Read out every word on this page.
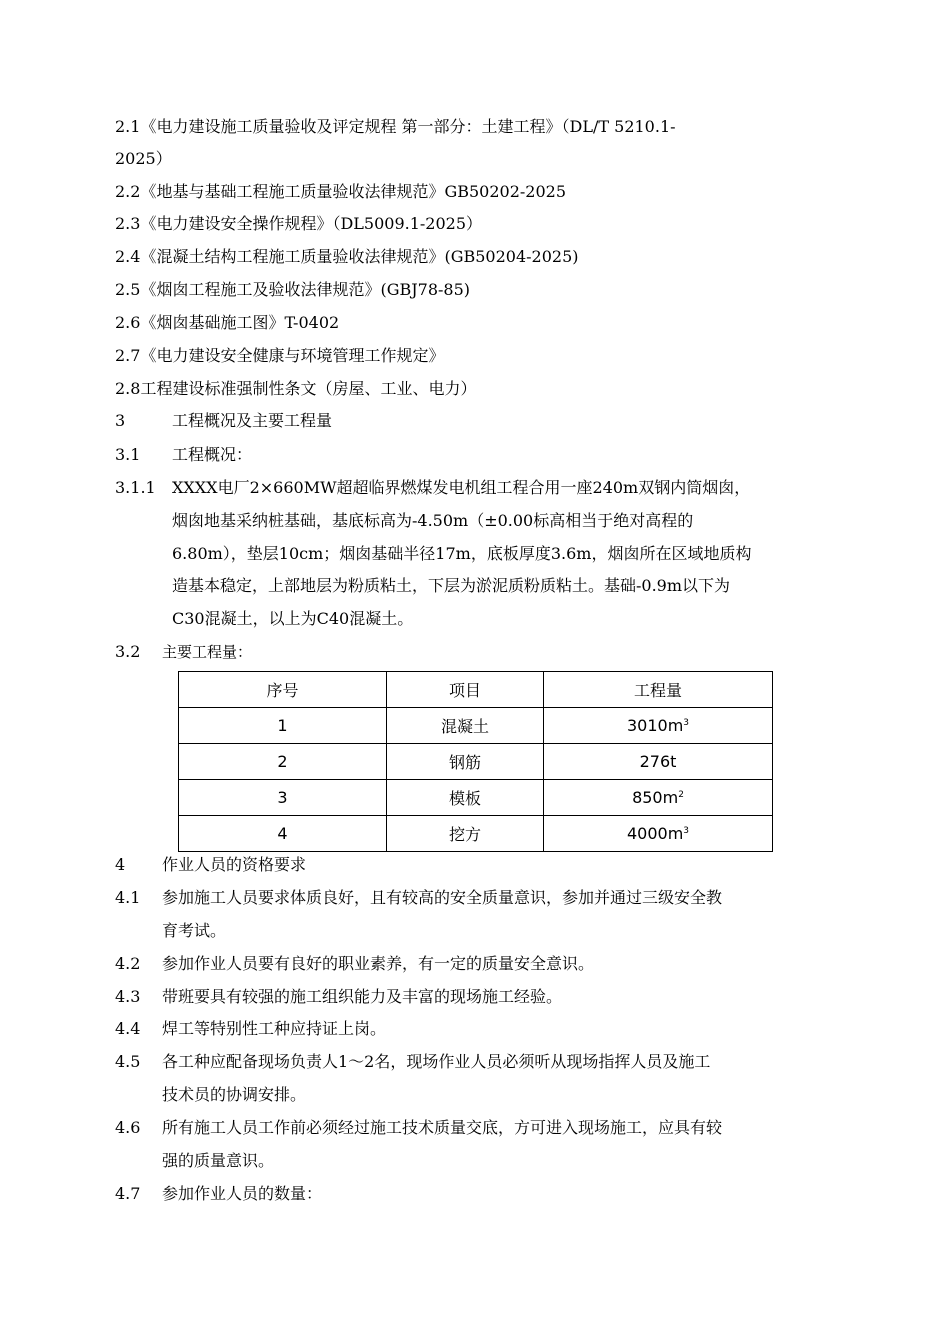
2.1《电力建设施工质量验收及评定规程 第一部分：土建工程》（DL/T 5210.1-
2025）
2.2《地基与基础工程施工质量验收法律规范》GB50202-2025
2.3《电力建设安全操作规程》（DL5009.1-2025）
2.4《混凝土结构工程施工质量验收法律规范》(GB50204-2025)
2.5《烟囱工程施工及验收法律规范》(GBJ78-85)
2.6《烟囱基础施工图》T-0402
2.7《电力建设安全健康与环境管理工作规定》
2.8工程建设标准强制性条文（房屋、工业、电力）
3	工程概况及主要工程量
3.1 工程概况：
3.1.1 XXXX电厂2×660MW超超临界燃煤发电机组工程合用一座240m双钢内筒烟囱，
烟囱地基采纳桩基础，基底标高为-4.50m（±0.00标高相当于绝对高程的
6.80m），垫层10cm；烟囱基础半径17m，底板厚度3.6m，烟囱所在区域地质构
造基本稳定，上部地层为粉质粘土，下层为淤泥质粉质粘土。基础-0.9m以下为
C30混凝土，以上为C40混凝土。
3.2 主要工程量：
序号	项目	工程量
1	混凝土	$3010m^3$
2	钢筋	276t
3	模板	$850m^2$
4	挖方	$4000m^3$
4 作业人员的资格要求
4.1 参加施工人员要求体质良好，且有较高的安全质量意识，参加并通过三级安全教
育考试。
4.2 参加作业人员要有良好的职业素养，有一定的质量安全意识。
4.3 带班要具有较强的施工组织能力及丰富的现场施工经验。
4.4 焊工等特别性工种应持证上岗。
4.5 各工种应配备现场负责人1～2名，现场作业人员必须听从现场指挥人员及施工
技术员的协调安排。
4.6 所有施工人员工作前必须经过施工技术质量交底，方可进入现场施工，应具有较
强的质量意识。
4.7 参加作业人员的数量：
